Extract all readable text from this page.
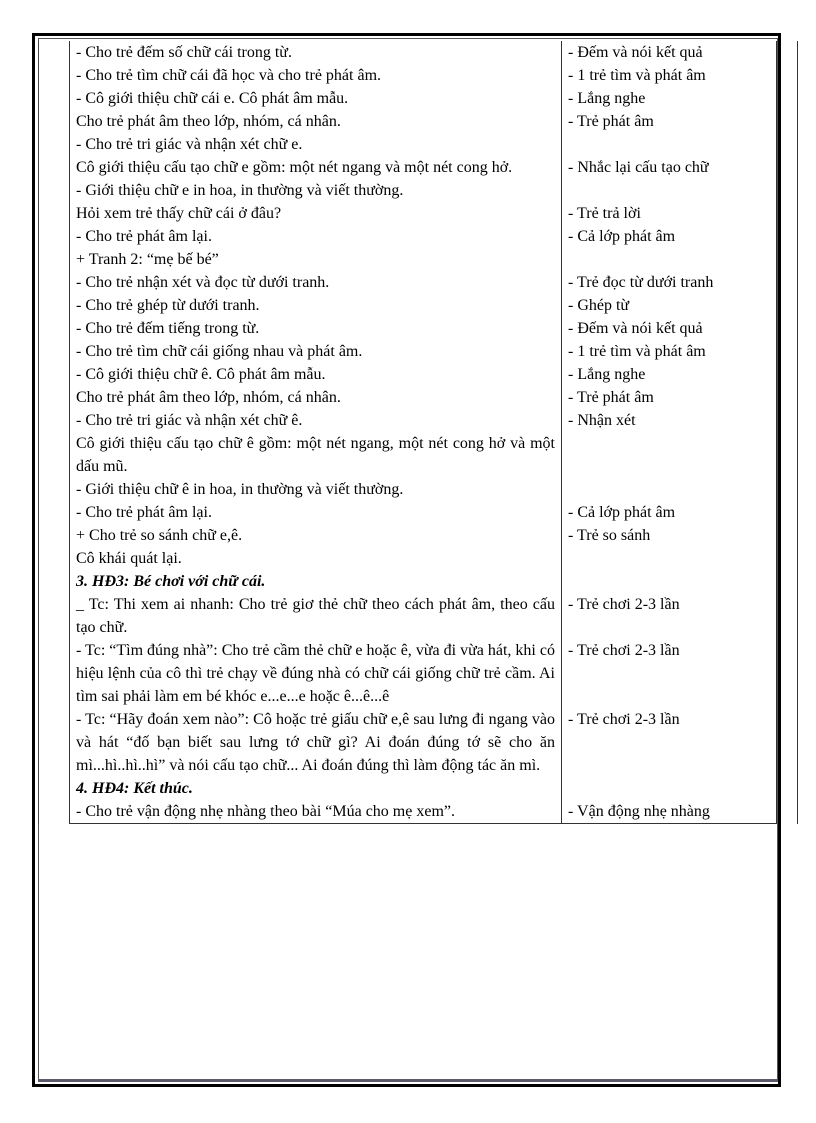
	- Cho trẻ đếm số chữ cái trong từ.	- Đếm và nói kết quả	

	- Cho trẻ tìm chữ cái đã học và cho trẻ phát âm.	- 1 trẻ tìm và phát âm	

	- Cô giới thiệu chữ cái e. Cô phát âm mẫu.	- Lắng nghe	

	Cho trẻ phát âm theo lớp, nhóm, cá nhân.	- Trẻ phát âm	

	- Cho trẻ tri giác và nhận xét chữ e.		

	Cô giới thiệu cấu tạo chữ e gồm: một nét ngang và một nét cong hở.	- Nhắc lại cấu tạo chữ	

	- Giới thiệu chữ e in hoa, in thường và viết thường.		

	Hỏi xem trẻ thấy chữ cái ở đâu?	- Trẻ trả lời	

	- Cho trẻ phát âm lại.	- Cả lớp phát âm	

	+ Tranh 2: “mẹ bế bé”		

	- Cho trẻ nhận xét và đọc từ dưới tranh.	- Trẻ đọc từ dưới tranh	

	- Cho trẻ ghép từ dưới tranh.	- Ghép từ	

	- Cho trẻ đếm tiếng trong từ.	- Đếm và nói kết quả	

	- Cho trẻ tìm chữ cái giống nhau và phát âm.	- 1 trẻ tìm và phát âm	

	- Cô giới thiệu chữ ê. Cô phát âm mẫu.	- Lắng nghe	

	Cho trẻ phát âm theo lớp, nhóm, cá nhân.	- Trẻ phát âm	

	- Cho trẻ tri giác và nhận xét chữ ê.	- Nhận xét	

	Cô giới thiệu cấu tạo chữ ê gồm: một nét ngang, một nét cong hở và một dấu mũ.		

	- Giới thiệu chữ ê in hoa, in thường và viết thường.		

	- Cho trẻ phát âm lại.	- Cả lớp phát âm	

	+ Cho trẻ so sánh chữ e,ê.	- Trẻ so sánh	

	Cô khái quát lại.		

	3. HĐ3: Bé chơi với chữ cái.		

	_ Tc: Thi xem ai nhanh: Cho trẻ giơ thẻ chữ theo cách phát âm, theo cấu tạo chữ.	- Trẻ chơi 2-3 lần	

	- Tc: “Tìm đúng nhà”: Cho trẻ cầm thẻ chữ e hoặc ê, vừa đi vừa hát, khi có hiệu lệnh của cô thì trẻ chạy về đúng nhà có chữ cái giống chữ trẻ cầm. Ai tìm sai phải làm em bé khóc e...e...e hoặc ê...ê...ê	- Trẻ chơi 2-3 lần	

	- Tc: “Hãy đoán xem nào”: Cô hoặc trẻ giấu chữ e,ê sau lưng đi ngang vào và hát “đố bạn biết sau lưng tớ chữ gì? Ai đoán đúng tớ sẽ cho ăn mì...hì..hì..hì” và nói cấu tạo chữ... Ai đoán đúng thì làm động tác ăn mì.	- Trẻ chơi 2-3 lần	

	4. HĐ4: Kết thúc.		

	- Cho trẻ vận động nhẹ nhàng theo bài “Múa cho mẹ xem”.	- Vận động nhẹ nhàng	
